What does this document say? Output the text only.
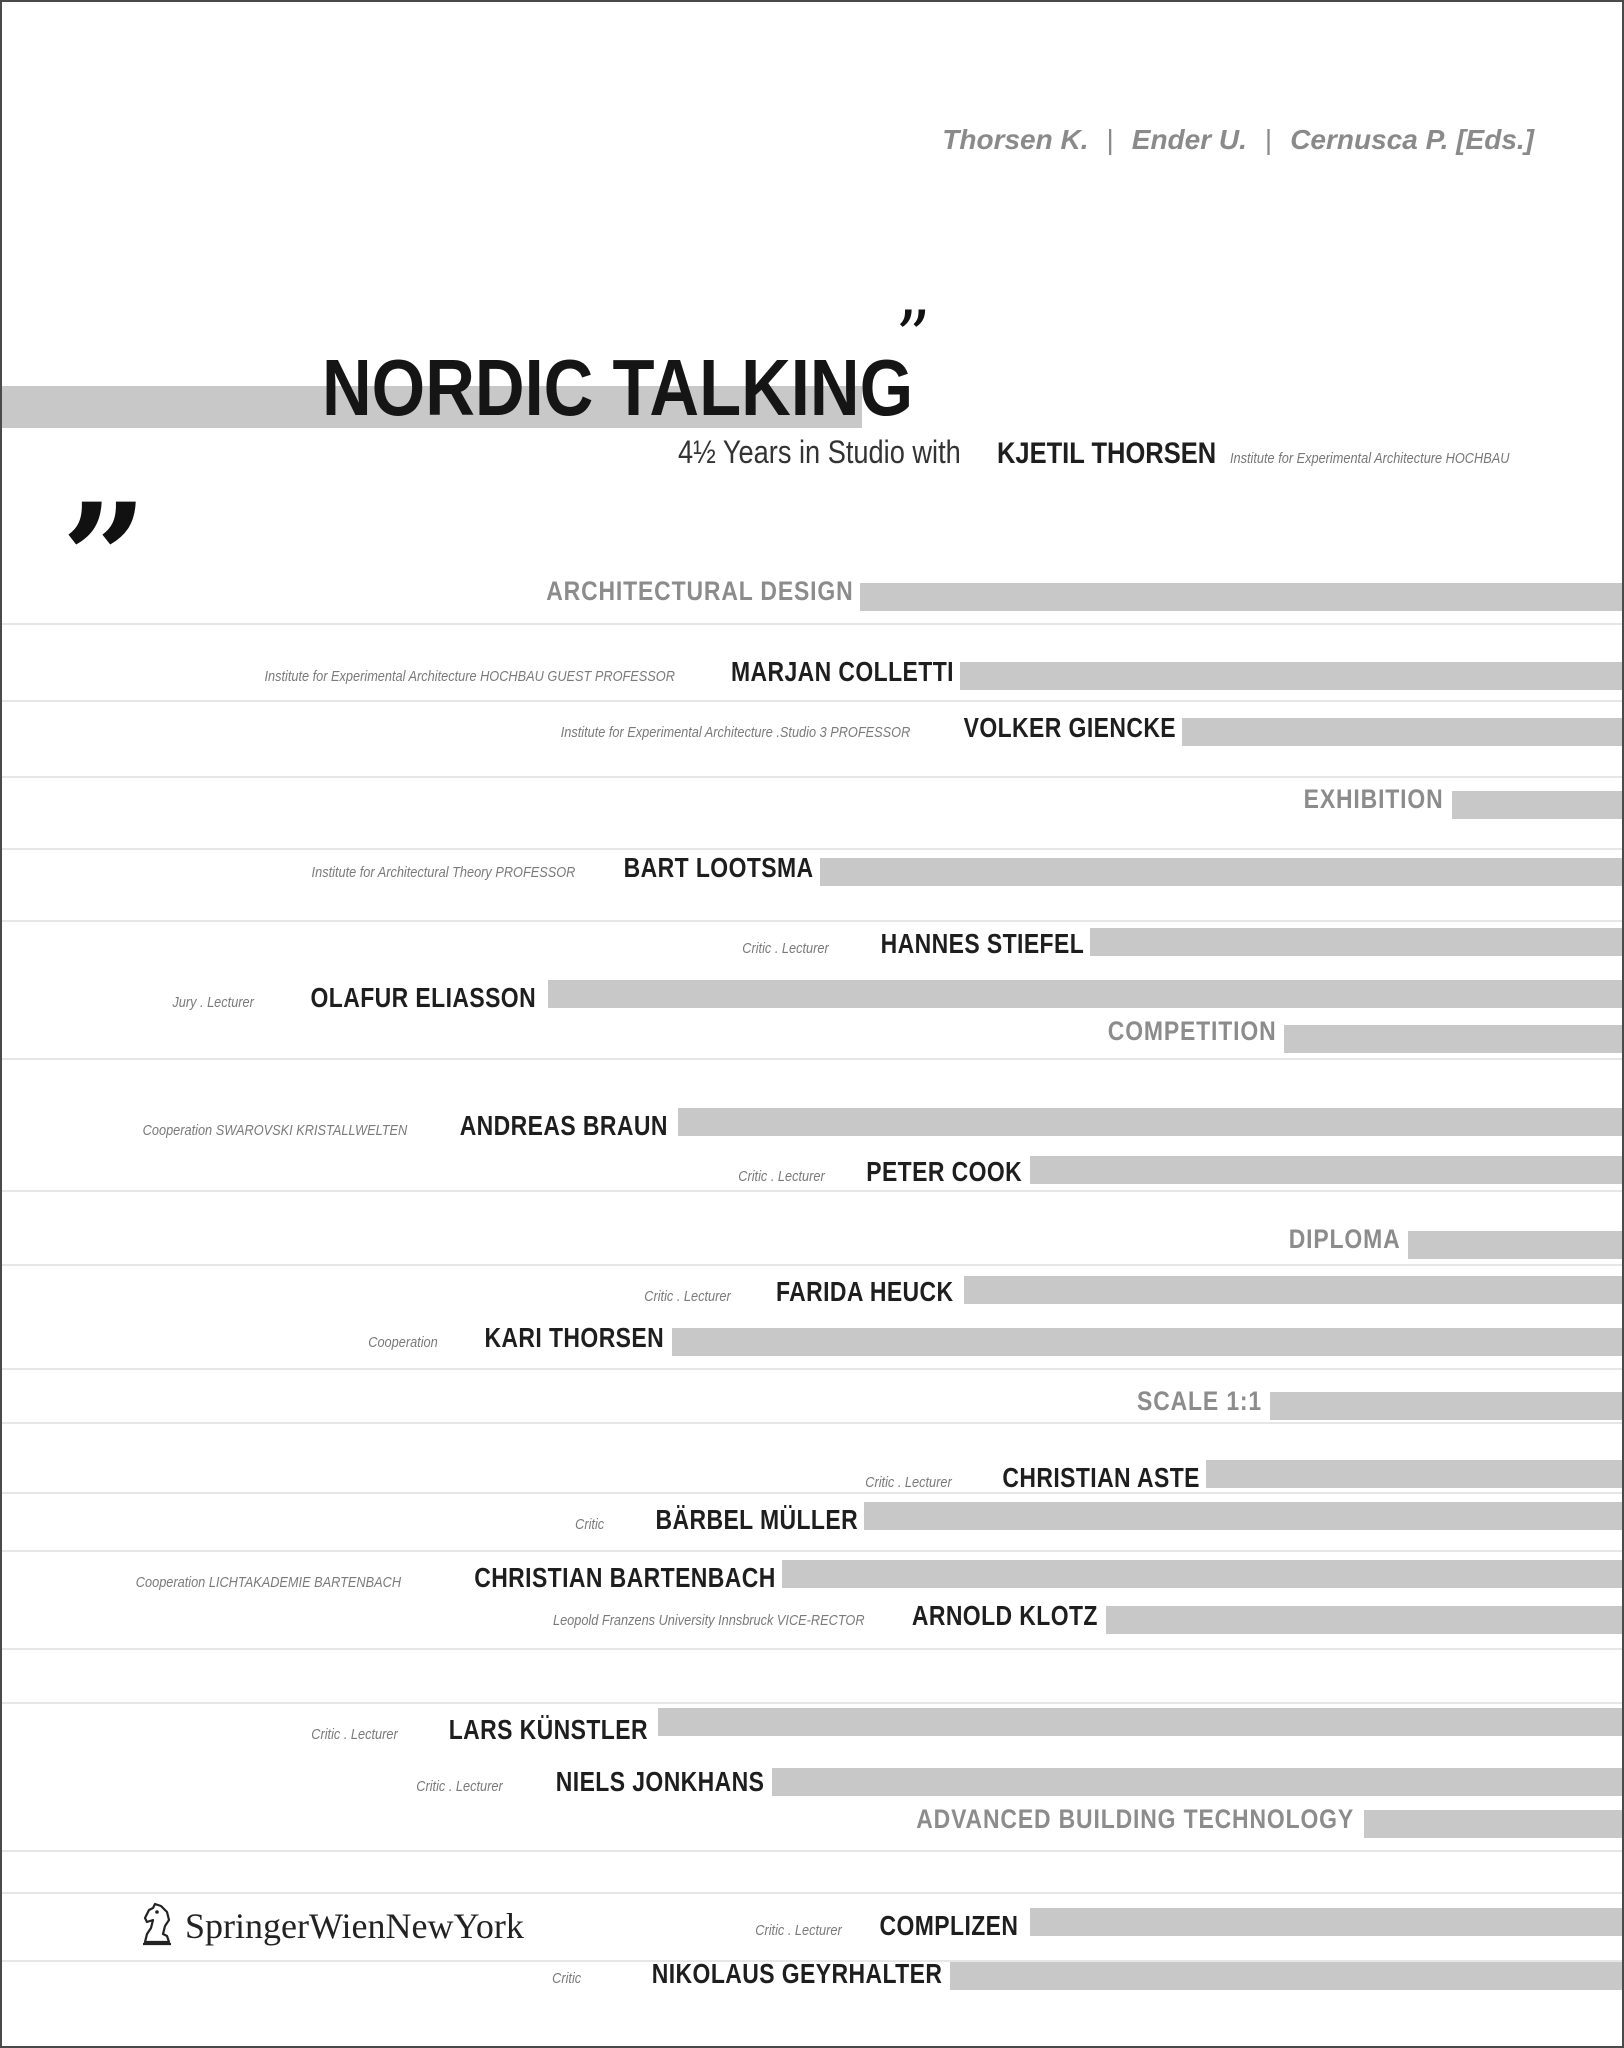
Thorsen K. | Ender U. | Cernusca P. [Eds.]
NORDIC TALKING
”
„	4½ Years in Studio with KJETIL THORSEN Institute for Experimental Architecture HOCHBAU
ARCHITECTURAL DESIGN
Institute for Experimental Architecture HOCHBAU GUEST PROFESSOR MARJAN COLLETTI
Institute for Experimental Architecture .Studio 3 PROFESSOR VOLKER GIENCKE
EXHIBITION
Institute for Architectural Theory PROFESSOR BART LOOTSMA
Critic . Lecturer HANNES STIEFEL
Jury . Lecturer OLAFUR ELIASSON
COMPETITION
Cooperation SWAROVSKI KRISTALLWELTEN ANDREAS BRAUN
Critic . Lecturer PETER COOK
DIPLOMA
Critic . Lecturer FARIDA HEUCK
Cooperation KARI THORSEN
SCALE 1:1
Critic . Lecturer CHRISTIAN ASTE
Critic BÄRBEL MÜLLER
Cooperation LICHTAKADEMIE BARTENBACH	CHRISTIAN BARTENBACH
Leopold Franzens University Innsbruck VICE-RECTOR ARNOLD KLOTZ
Critic . Lecturer LARS KÜNSTLER
Critic . Lecturer NIELS JONKHANS
ADVANCED BUILDING TECHNOLOGY
Critic . Lecturer COMPLIZEN
Critic	NIKOLAUS GEYRHALTER
SpringerWienNewYork
